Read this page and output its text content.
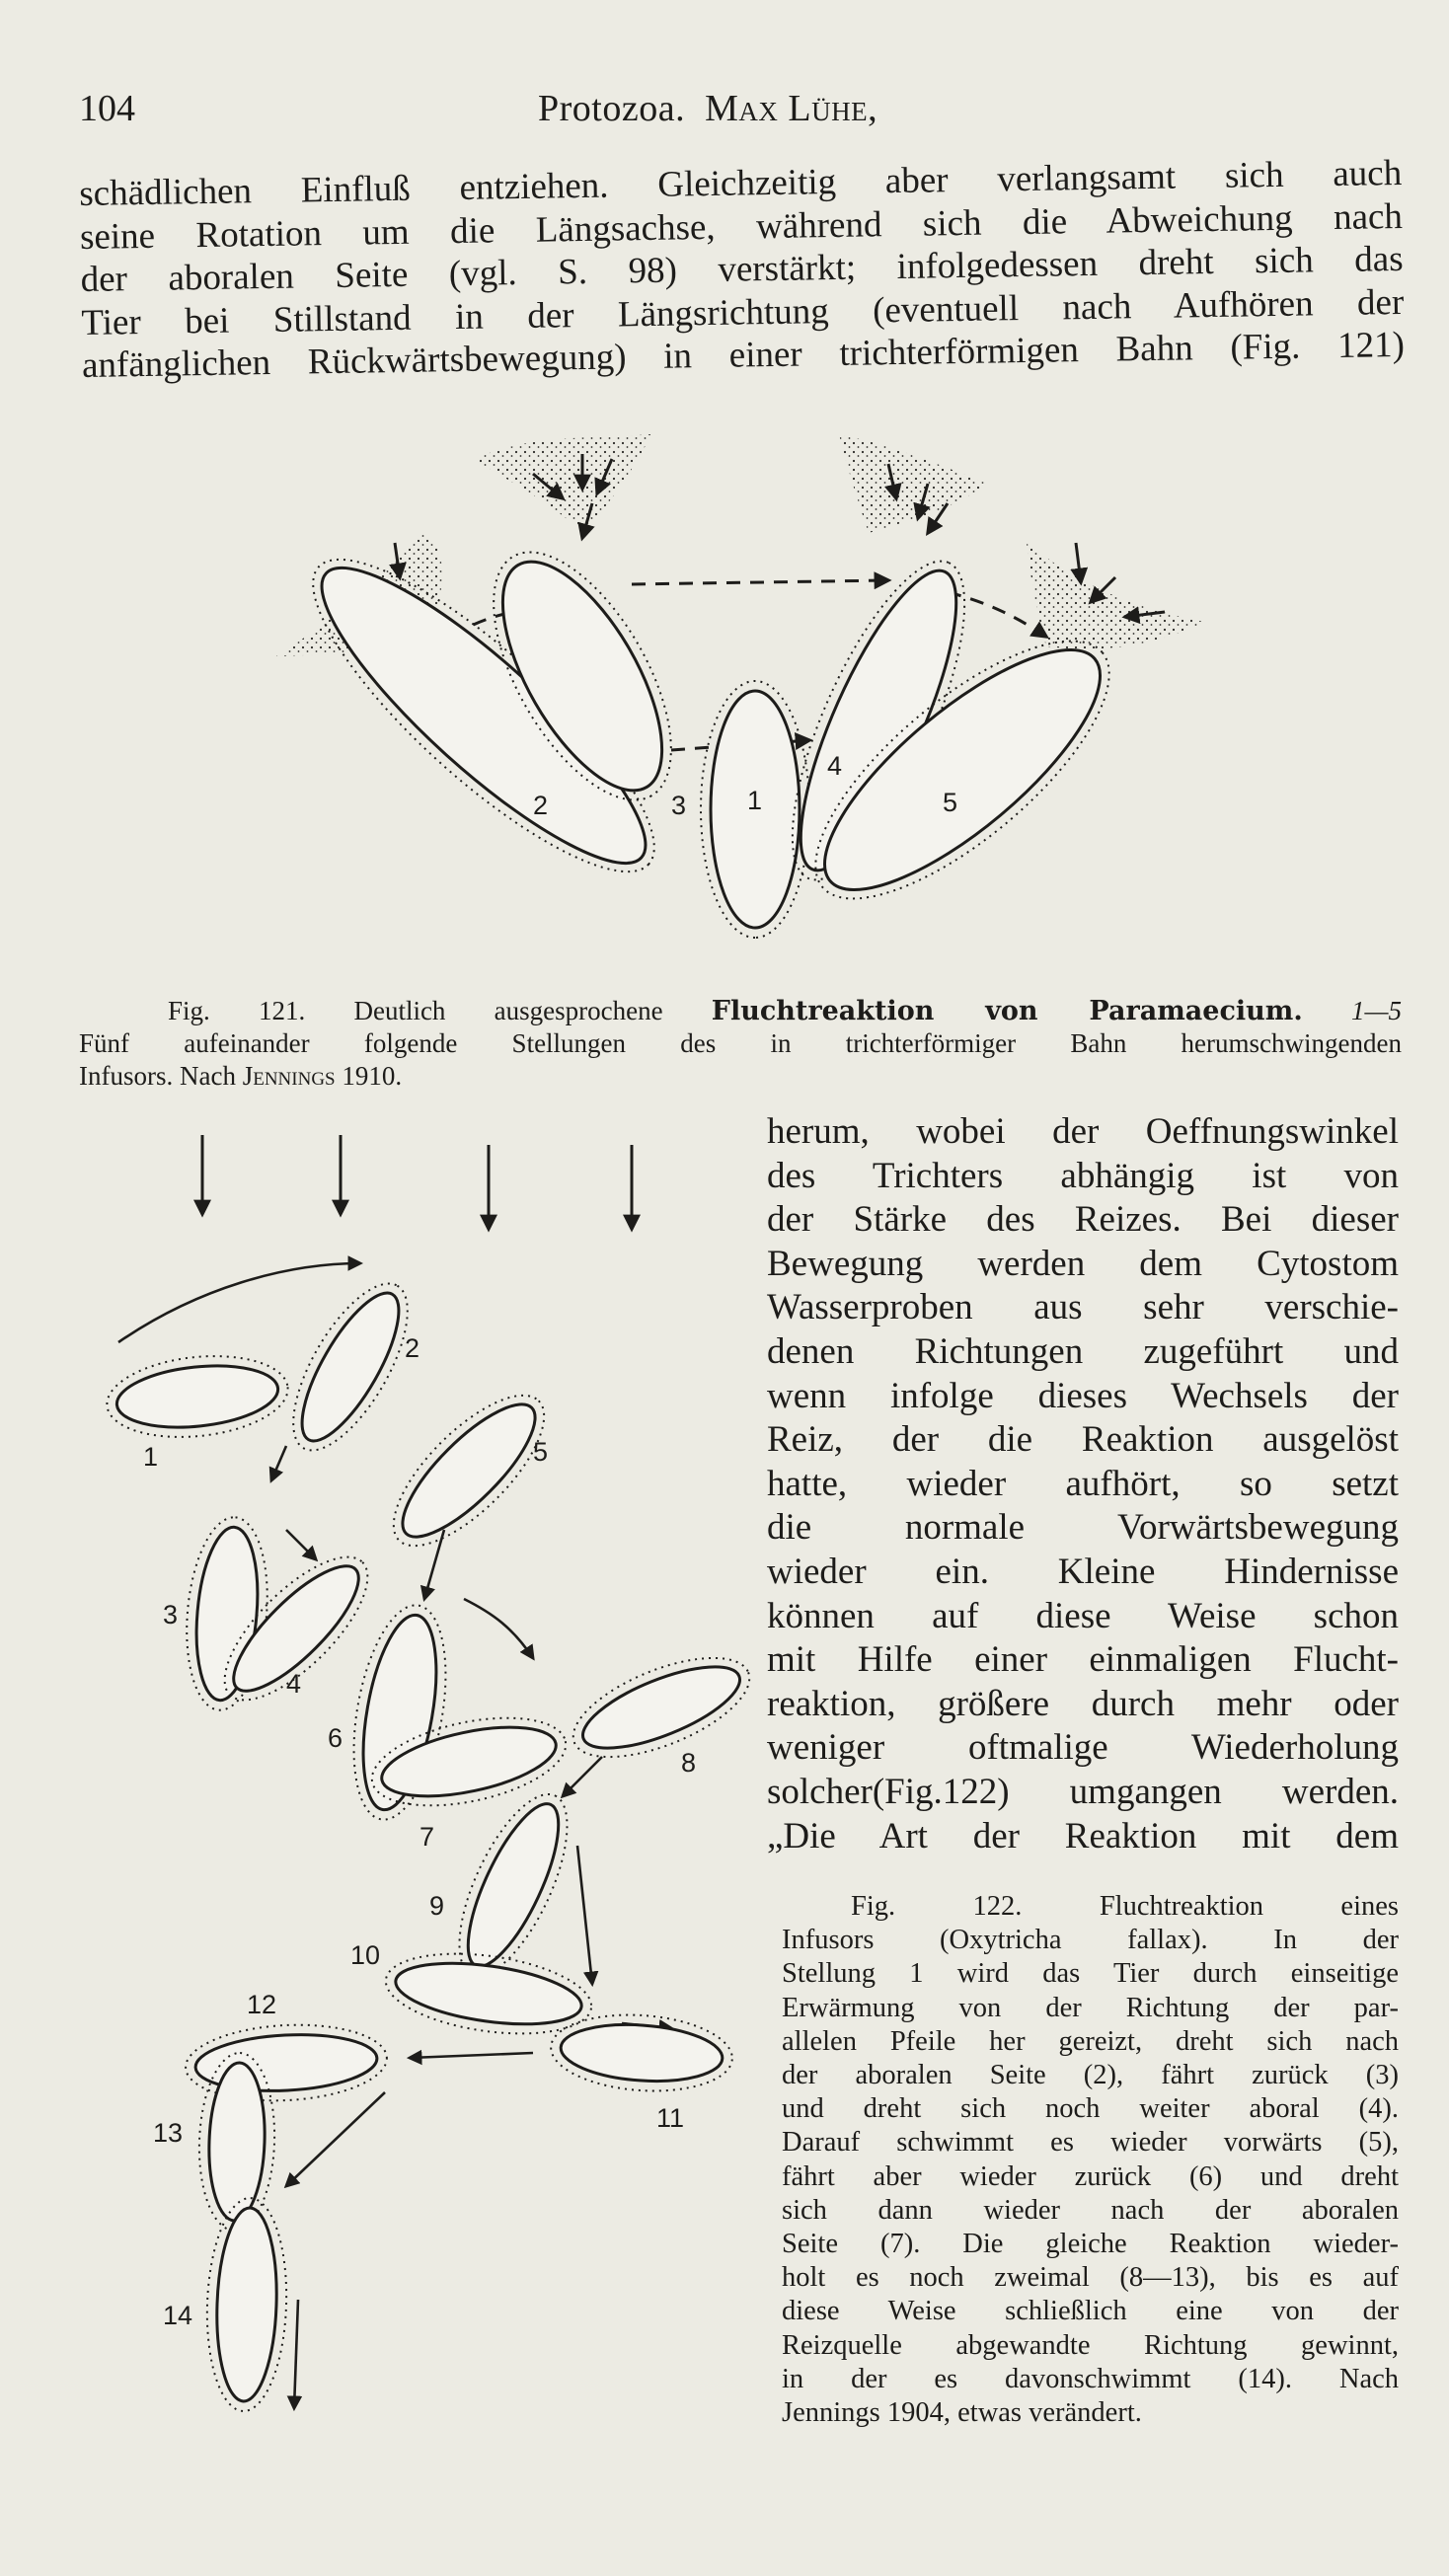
104	Protozoa. Max Lühe,
schädlichen Einfluß entziehen. Gleichzeitig aber verlangsamt sich auch
seine Rotation um die Längsachse, während sich die Abweichung nach
der aboralen Seite (vgl. S. 98) verstärkt; infolgedessen dreht sich das
Tier bei Stillstand in der Längsrichtung (eventuell nach Aufhören der
anfänglichen Rückwärtsbewegung) in einer trichterförmigen Bahn (Fig. 121)
2	3 1
4
5
Fig. 121. Deutlich ausgesprochene Fluchtreaktion von Paramaecium. 1—5
Fünf aufeinander folgende Stellungen des in trichterförmiger Bahn herumschwingenden
Infusors. Nach Jennings 1910.
1
2
3
4
5
6
7
8
9
10
11
12
13
14
herum, wobei der Oeffnungswinkel
des Trichters abhängig ist von
der Stärke des Reizes. Bei dieser
Bewegung werden dem Cytostom
Wasserproben aus sehr verschie-
denen Richtungen zugeführt und
wenn infolge dieses Wechsels der
Reiz, der die Reaktion ausgelöst
hatte, wieder aufhört, so setzt
die normale Vorwärtsbewegung
wieder ein. Kleine Hindernisse
können auf diese Weise schon
mit Hilfe einer einmaligen Flucht-
reaktion, größere durch mehr oder
weniger oftmalige Wiederholung
solcher(Fig.122) umgangen werden.
„Die Art der Reaktion mit dem
Fig. 122. Fluchtreaktion eines
Infusors (Oxytricha fallax). In der
Stellung 1 wird das Tier durch einseitige
Erwärmung von der Richtung der par-
allelen Pfeile her gereizt, dreht sich nach
der aboralen Seite (2), fährt zurück (3)
und dreht sich noch weiter aboral (4).
Darauf schwimmt es wieder vorwärts (5),
fährt aber wieder zurück (6) und dreht
sich dann wieder nach der aboralen
Seite (7). Die gleiche Reaktion wieder-
holt es noch zweimal (8—13), bis es auf
diese Weise schließlich eine von der
Reizquelle abgewandte Richtung gewinnt,
in der es davonschwimmt (14). Nach
Jennings 1904, etwas verändert.
